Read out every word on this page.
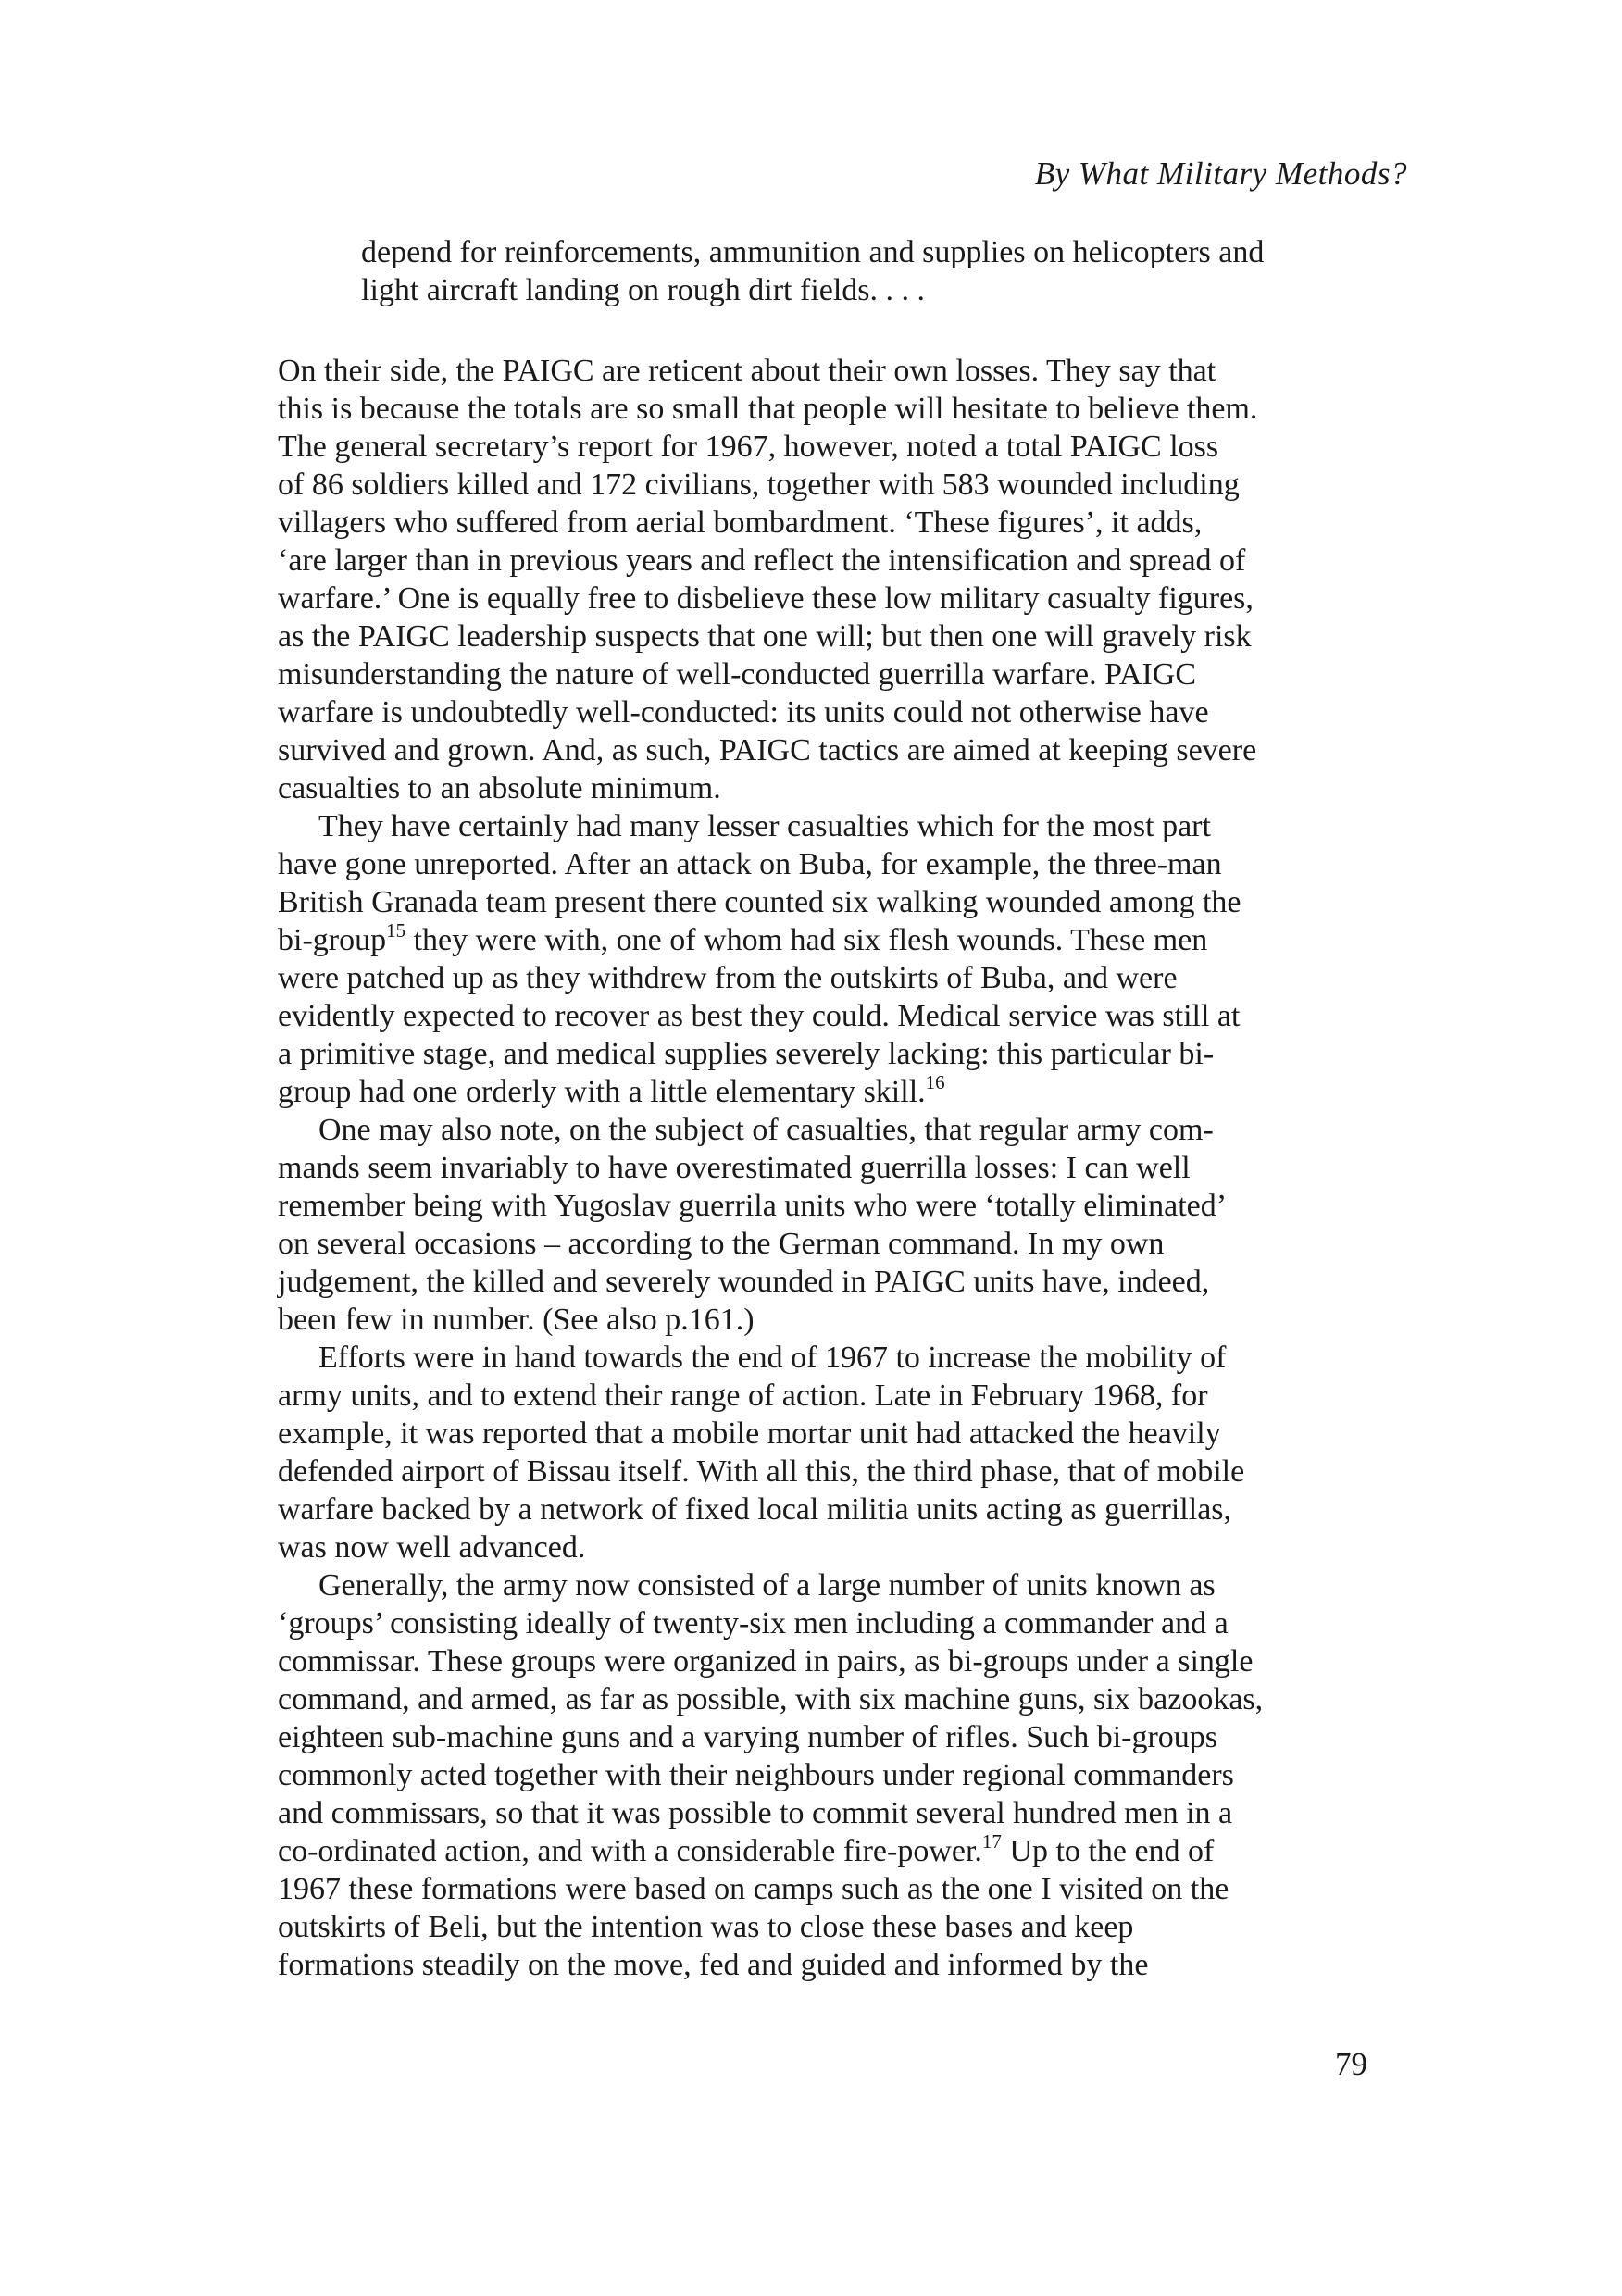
By What Military Methods?
depend for reinforcements, ammunition and supplies on helicopters and
light aircraft landing on rough dirt fields. . . .
On their side, the PAIGC are reticent about their own losses. They say that
this is because the totals are so small that people will hesitate to believe them.
The general secretary’s report for 1967, however, noted a total PAIGC loss
of 86 soldiers killed and 172 civilians, together with 583 wounded including
villagers who suffered from aerial bombardment. ‘These figures’, it adds,
‘are larger than in previous years and reflect the intensification and spread of
warfare.’ One is equally free to disbelieve these low military casualty figures,
as the PAIGC leadership suspects that one will; but then one will gravely risk
misunderstanding the nature of well-conducted guerrilla warfare. PAIGC
warfare is undoubtedly well-conducted: its units could not otherwise have
survived and grown. And, as such, PAIGC tactics are aimed at keeping severe
casualties to an absolute minimum.
They have certainly had many lesser casualties which for the most part
have gone unreported. After an attack on Buba, for example, the three-man
British Granada team present there counted six walking wounded among the
bi-group$^{15}$ they were with, one of whom had six flesh wounds. These men
were patched up as they withdrew from the outskirts of Buba, and were
evidently expected to recover as best they could. Medical service was still at
a primitive stage, and medical supplies severely lacking: this particular bi-
group had one orderly with a little elementary skill.$^{16}$
One may also note, on the subject of casualties, that regular army com-
mands seem invariably to have overestimated guerrilla losses: I can well
remember being with Yugoslav guerrila units who were ‘totally eliminated’
on several occasions – according to the German command. In my own
judgement, the killed and severely wounded in PAIGC units have, indeed,
been few in number. (See also p.161.)
Efforts were in hand towards the end of 1967 to increase the mobility of
army units, and to extend their range of action. Late in February 1968, for
example, it was reported that a mobile mortar unit had attacked the heavily
defended airport of Bissau itself. With all this, the third phase, that of mobile
warfare backed by a network of fixed local militia units acting as guerrillas,
was now well advanced.
Generally, the army now consisted of a large number of units known as
‘groups’ consisting ideally of twenty-six men including a commander and a
commissar. These groups were organized in pairs, as bi-groups under a single
command, and armed, as far as possible, with six machine guns, six bazookas,
eighteen sub-machine guns and a varying number of rifles. Such bi-groups
commonly acted together with their neighbours under regional commanders
and commissars, so that it was possible to commit several hundred men in a
co-ordinated action, and with a considerable fire-power.$^{17}$ Up to the end of
1967 these formations were based on camps such as the one I visited on the
outskirts of Beli, but the intention was to close these bases and keep
formations steadily on the move, fed and guided and informed by the
79
